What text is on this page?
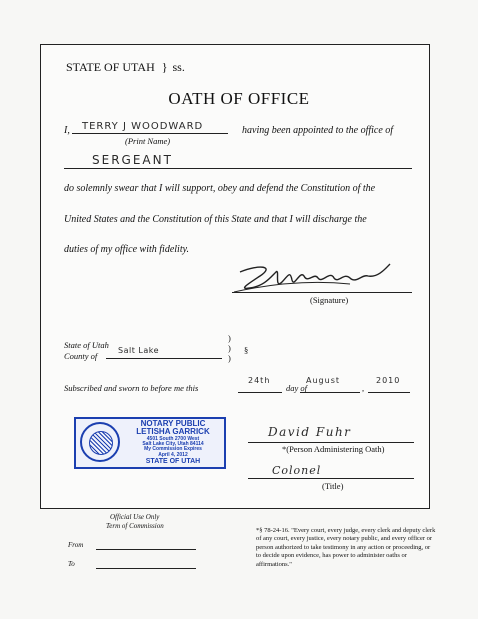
STATE OF UTAH } ss.
OATH OF OFFICE
I, TERRY J WOODWARD
(Print Name)
having been appointed to the office of
SERGEANT
do solemnly swear that I will support, obey and defend the Constitution of the
United States and the Constitution of this State and that I will discharge the
duties of my office with fidelity.
(Signature)
State of Utah
County of
Salt Lake
)
)
)
§
Subscribed and sworn to before me this
24th
day of
August
,
2010
NOTARY PUBLIC
LETISHA GARRICK
4501 South 2700 West
Salt Lake City, Utah 84114
My Commission Expires
April 4, 2012
STATE OF UTAH
David Fuhr
*(Person Administering Oath)
Colonel
(Title)
Official Use Only
Term of Commission
From
To
*§ 78-24-16. "Every court, every judge, every clerk and deputy clerk of any court, every justice, every notary public, and every officer or person authorized to take testimony in any action or proceeding, or to decide upon evidence, has power to administer oaths or affirmations."
